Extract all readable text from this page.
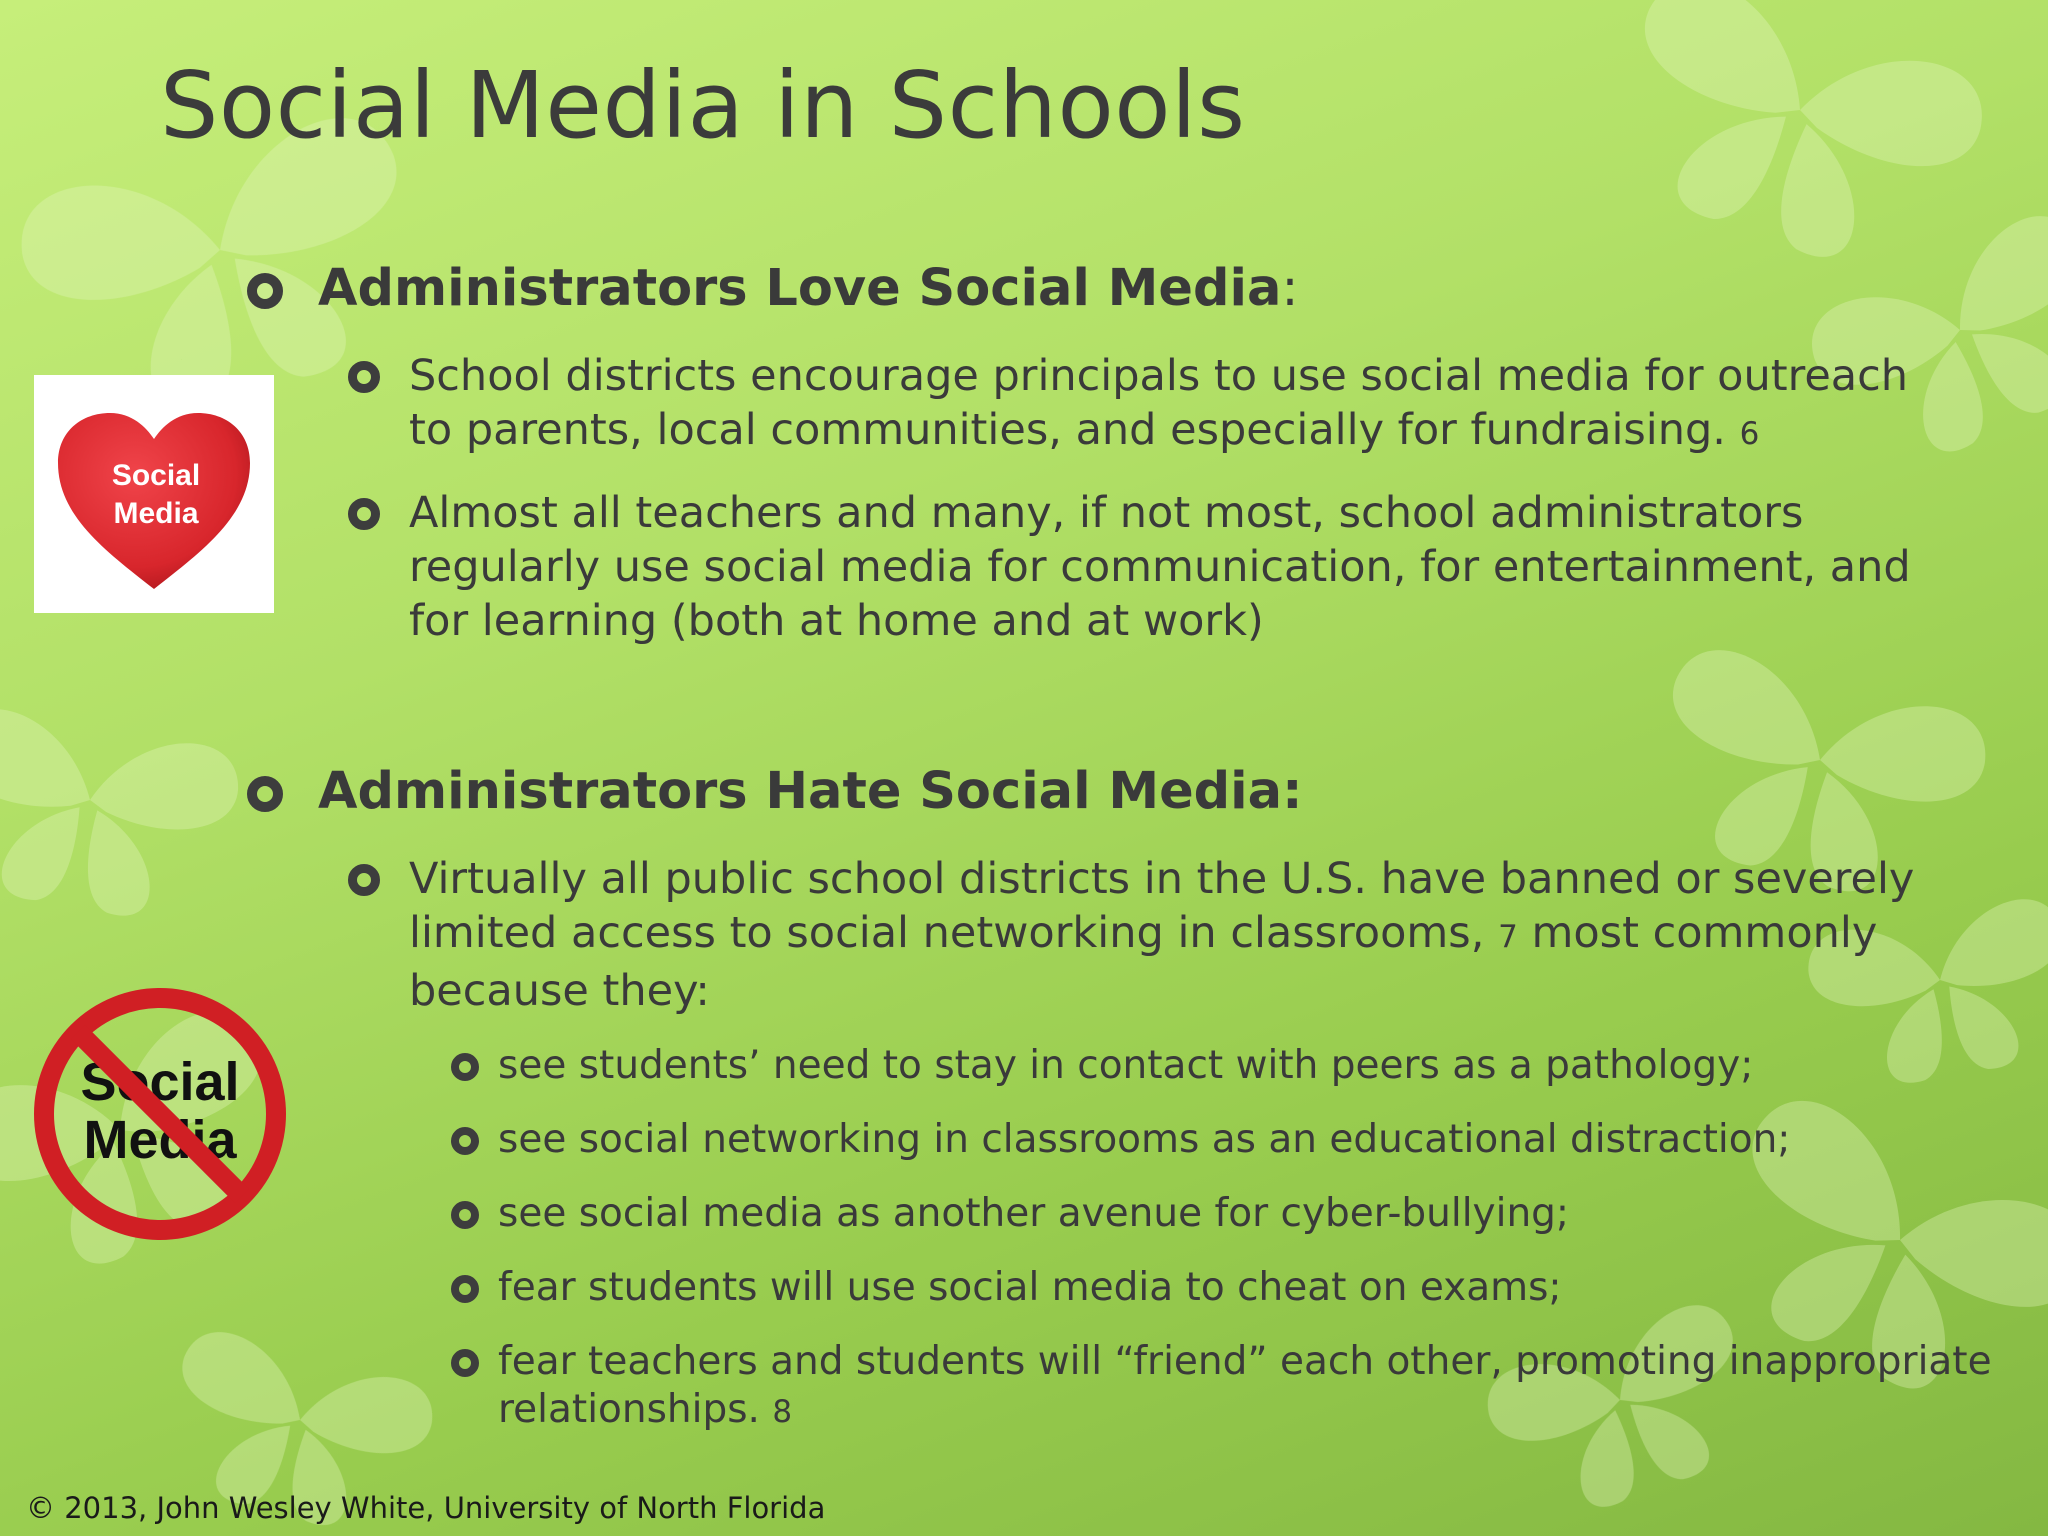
Social Media in Schools
Administrators Love Social Media:
School districts encourage principals to use social media for outreach
to parents, local communities, and especially for fundraising. 6
Almost all teachers and many, if not most, school administrators
regularly use social media for communication, for entertainment, and
for learning (both at home and at work)
Administrators Hate Social Media:
Virtually all public school districts in the U.S. have banned or severely
limited access to social networking in classrooms, 7 most commonly
because they:
see students’ need to stay in contact with peers as a pathology;
see social networking in classrooms as an educational distraction;
see social media as another avenue for cyber-bullying;
fear students will use social media to cheat on exams;
fear teachers and students will “friend” each other, promoting inappropriate
relationships. 8
Social
Media
Social
Media
© 2013, John Wesley White, University of North Florida
